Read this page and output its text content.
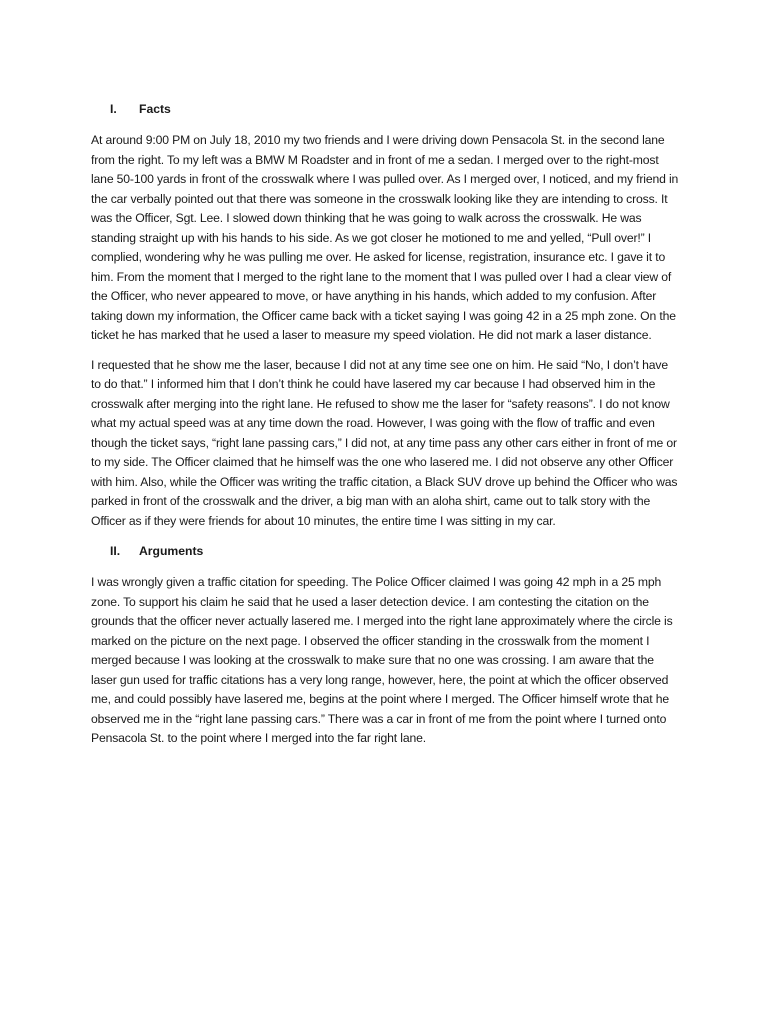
I.	Facts

At around 9:00 PM on July 18, 2010 my two friends and I were driving down Pensacola St. in the second lane from the right. To my left was a BMW M Roadster and in front of me a sedan. I merged over to the right-most lane 50-100 yards in front of the crosswalk where I was pulled over. As I merged over, I noticed, and my friend in the car verbally pointed out that there was someone in the crosswalk looking like they are intending to cross. It was the Officer, Sgt. Lee. I slowed down thinking that he was going to walk across the crosswalk. He was standing straight up with his hands to his side. As we got closer he motioned to me and yelled, “Pull over!” I complied, wondering why he was pulling me over. He asked for license, registration, insurance etc. I gave it to him. From the moment that I merged to the right lane to the moment that I was pulled over I had a clear view of the Officer, who never appeared to move, or have anything in his hands, which added to my confusion. After taking down my information, the Officer came back with a ticket saying I was going 42 in a 25 mph zone. On the ticket he has marked that he used a laser to measure my speed violation. He did not mark a laser distance.

I requested that he show me the laser, because I did not at any time see one on him. He said “No, I don’t have to do that.” I informed him that I don’t think he could have lasered my car because I had observed him in the crosswalk after merging into the right lane. He refused to show me the laser for “safety reasons”. I do not know what my actual speed was at any time down the road. However, I was going with the flow of traffic and even though the ticket says, “right lane passing cars,” I did not, at any time pass any other cars either in front of me or to my side. The Officer claimed that he himself was the one who lasered me. I did not observe any other Officer with him. Also, while the Officer was writing the traffic citation, a Black SUV drove up behind the Officer who was parked in front of the crosswalk and the driver, a big man with an aloha shirt, came out to talk story with the Officer as if they were friends for about 10 minutes, the entire time I was sitting in my car.

II.	Arguments

I was wrongly given a traffic citation for speeding. The Police Officer claimed I was going 42 mph in a 25 mph zone. To support his claim he said that he used a laser detection device. I am contesting the citation on the grounds that the officer never actually lasered me. I merged into the right lane approximately where the circle is marked on the picture on the next page. I observed the officer standing in the crosswalk from the moment I merged because I was looking at the crosswalk to make sure that no one was crossing. I am aware that the laser gun used for traffic citations has a very long range, however, here, the point at which the officer observed me, and could possibly have lasered me, begins at the point where I merged. The Officer himself wrote that he observed me in the “right lane passing cars.” There was a car in front of me from the point where I turned onto Pensacola St. to the point where I merged into the far right lane.
